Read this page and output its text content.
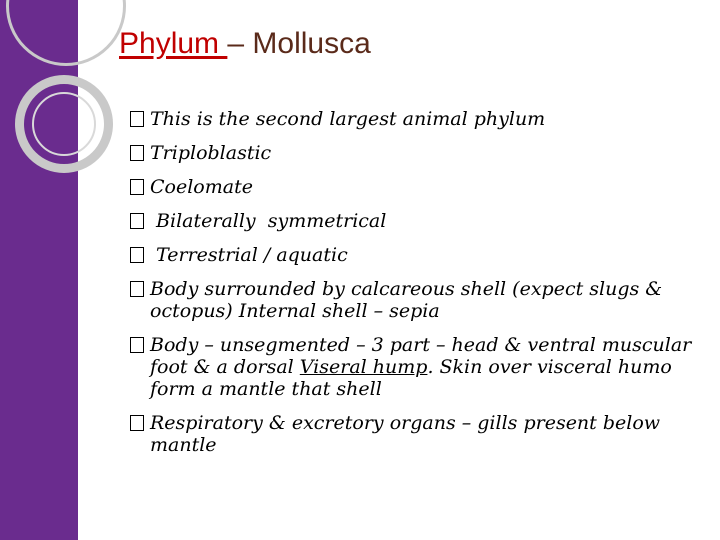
Phylum – Mollusca
This is the second largest animal phylum
Triploblastic
Coelomate
Bilaterally  symmetrical
Terrestrial / aquatic
Body surrounded by calcareous shell (expect slugs & octopus) Internal shell – sepia
Body – unsegmented – 3 part – head & ventral muscular foot & a dorsal Viseral hump. Skin over visceral humo form a mantle that shell
Respiratory & excretory organs – gills present below mantle
